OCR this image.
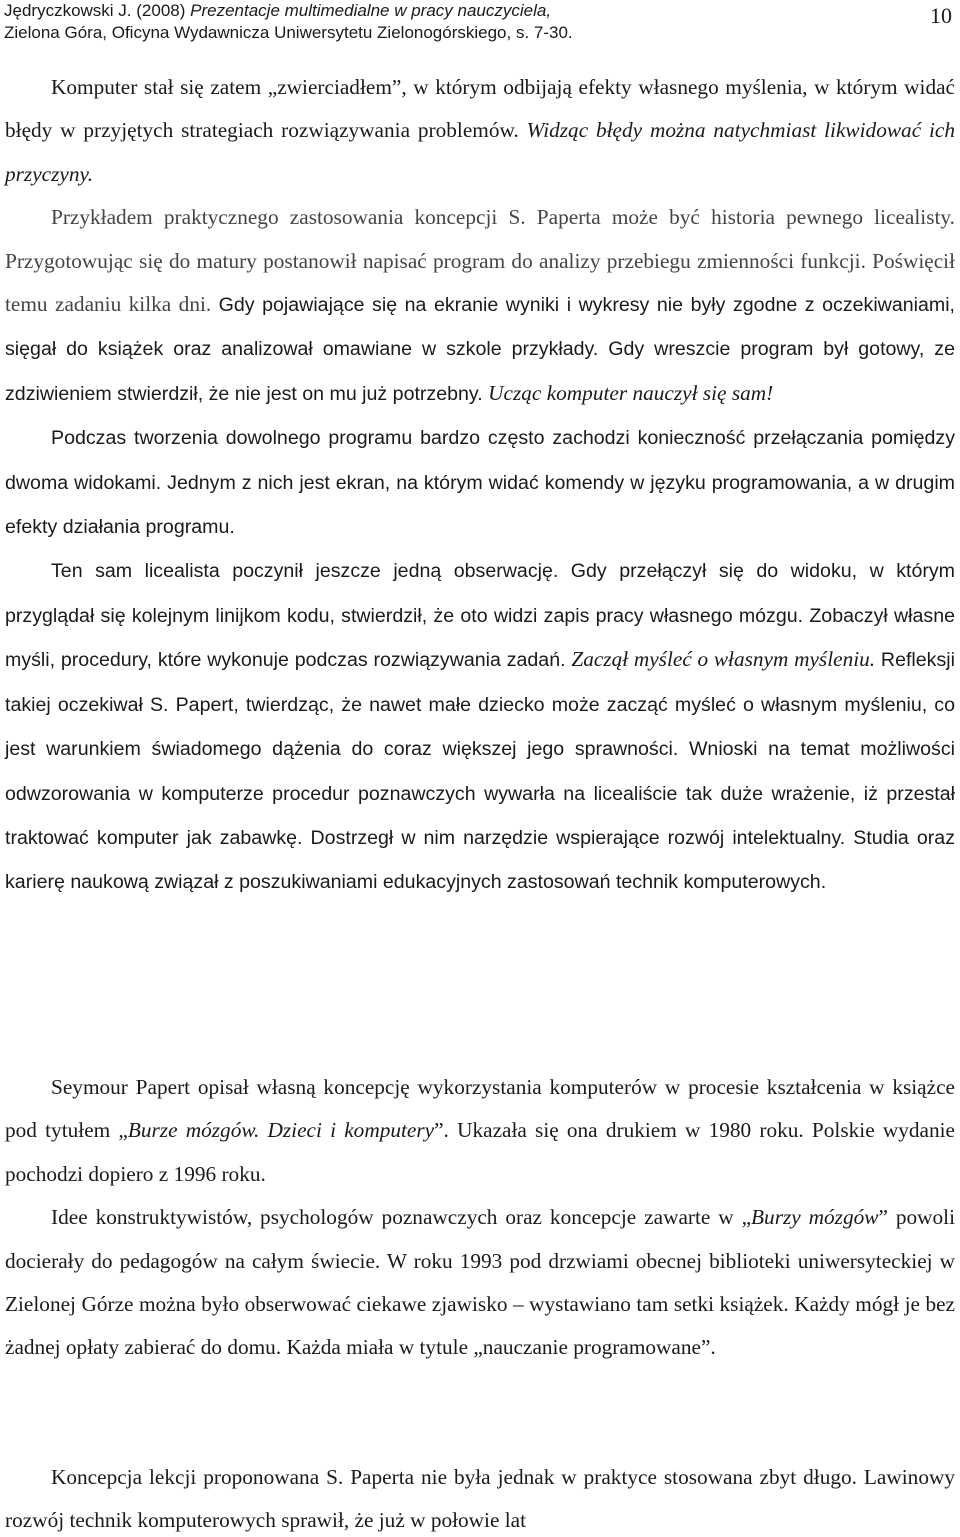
Jędryczkowski J. (2008) Prezentacje multimedialne w pracy nauczyciela,
Zielona Góra, Oficyna Wydawnicza Uniwersytetu Zielonogórskiego, s. 7-30.
10

Komputer stał się zatem „zwierciadłem”, w którym odbijają efekty własnego myślenia, w którym widać błędy w przyjętych strategiach rozwiązywania problemów. Widząc błędy można natychmiast likwidować ich przyczyny.

Przykładem praktycznego zastosowania koncepcji S. Paperta może być historia pewnego licealisty. Przygotowując się do matury postanowił napisać program do analizy przebiegu zmienności funkcji. Poświęcił temu zadaniu kilka dni. Gdy pojawiające się na ekranie wyniki i wykresy nie były zgodne z oczekiwaniami, sięgał do książek oraz analizował omawiane w szkole przykłady. Gdy wreszcie program był gotowy, ze zdziwieniem stwierdził, że nie jest on mu już potrzebny. Ucząc komputer nauczył się sam!

Podczas tworzenia dowolnego programu bardzo często zachodzi konieczność przełączania pomiędzy dwoma widokami. Jednym z nich jest ekran, na którym widać komendy w języku programowania, a w drugim efekty działania programu.

Ten sam licealista poczynił jeszcze jedną obserwację. Gdy przełączył się do widoku, w którym przyglądał się kolejnym linijkom kodu, stwierdził, że oto widzi zapis pracy własnego mózgu. Zobaczył własne myśli, procedury, które wykonuje podczas rozwiązywania zadań. Zaczął myśleć o własnym myśleniu. Refleksji takiej oczekiwał S. Papert, twierdząc, że nawet małe dziecko może zacząć myśleć o własnym myśleniu, co jest warunkiem świadomego dążenia do coraz większej jego sprawności. Wnioski na temat możliwości odwzorowania w komputerze procedur poznawczych wywarła na licealiście tak duże wrażenie, iż przestał traktować komputer jak zabawkę. Dostrzegł w nim narzędzie wspierające rozwój intelektualny. Studia oraz karierę naukową związał z poszukiwaniami edukacyjnych zastosowań technik komputerowych.

Seymour Papert opisał własną koncepcję wykorzystania komputerów w procesie kształcenia w książce pod tytułem „Burze mózgów. Dzieci i komputery”. Ukazała się ona drukiem w 1980 roku. Polskie wydanie pochodzi dopiero z 1996 roku.

Idee konstruktywistów, psychologów poznawczych oraz koncepcje zawarte w „Burzy mózgów” powoli docierały do pedagogów na całym świecie. W roku 1993 pod drzwiami obecnej biblioteki uniwersyteckiej w Zielonej Górze można było obserwować ciekawe zjawisko – wystawiano tam setki książek. Każdy mógł je bez żadnej opłaty zabierać do domu. Każda miała w tytule „nauczanie programowane”.

Koncepcja lekcji proponowana S. Paperta nie była jednak w praktyce stosowana zbyt długo. Lawinowy rozwój technik komputerowych sprawił, że już w połowie lat
